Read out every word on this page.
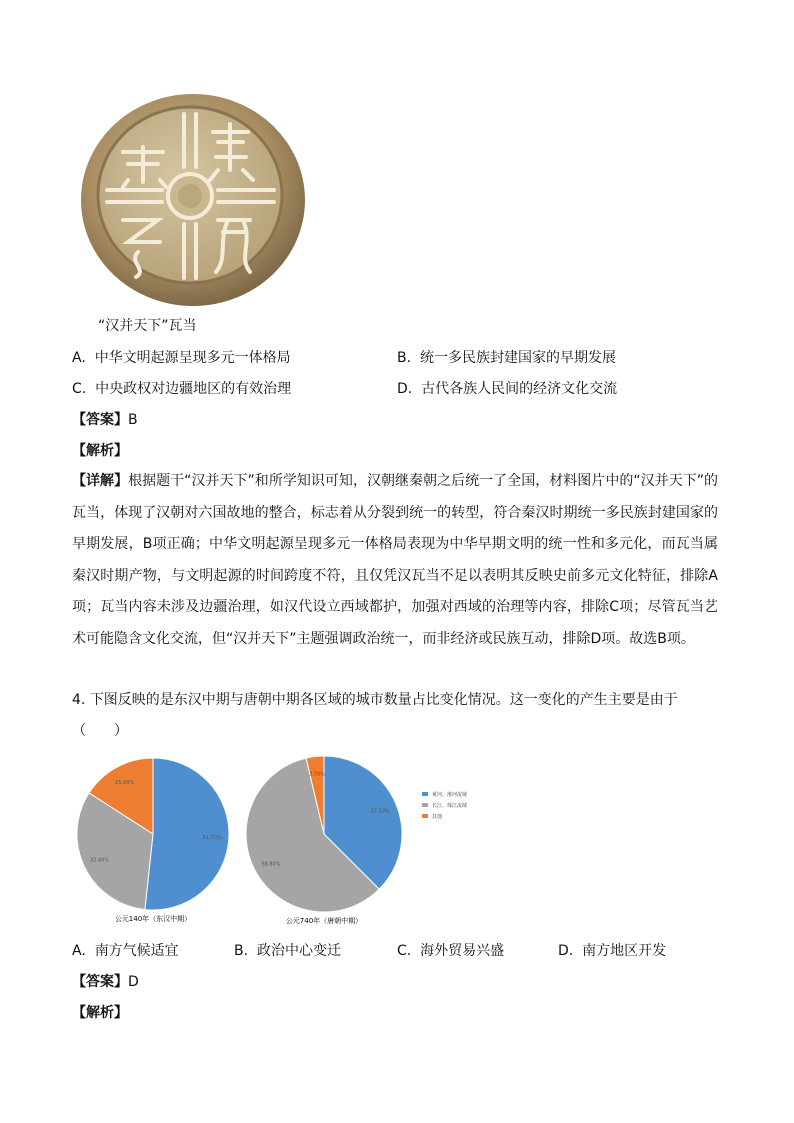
“汉并天下”瓦当
A. 中华文明起源呈现多元一体格局	B. 统一多民族封建国家的早期发展
C. 中央政权对边疆地区的有效治理	D. 古代各族人民间的经济文化交流
【答案】B
【解析】
【详解】根据题干“汉并天下”和所学知识可知，汉朝继秦朝之后统一了全国，材料图片中的“汉并天下”的瓦当，体现了汉朝对六国故地的整合，标志着从分裂到统一的转型，符合秦汉时期统一多民族封建国家的早期发展，B项正确；中华文明起源呈现多元一体格局表现为中华早期文明的统一性和多元化，而瓦当属秦汉时期产物，与文明起源的时间跨度不符，且仅凭汉瓦当不足以表明其反映史前多元文化特征，排除A项；瓦当内容未涉及边疆治理，如汉代设立西域都护，加强对西域的治理等内容，排除C项；尽管瓦当艺术可能隐含文化交流，但“汉并天下”主题强调政治统一，而非经济或民族互动，排除D项。故选B项。
4. 下图反映的是东汉中期与唐朝中期各区域的城市数量占比变化情况。这一变化的产生主要是由于
（　　）
51.70%
32.40%
15.90%
公元140年（东汉中期）
37.50%
58.80%
3.70%
公元740年（唐朝中期）
黄河、淮河流域
长江、珠江流域
其他
A. 南方气候适宜	B. 政治中心变迁	C. 海外贸易兴盛	D. 南方地区开发
【答案】D
【解析】
